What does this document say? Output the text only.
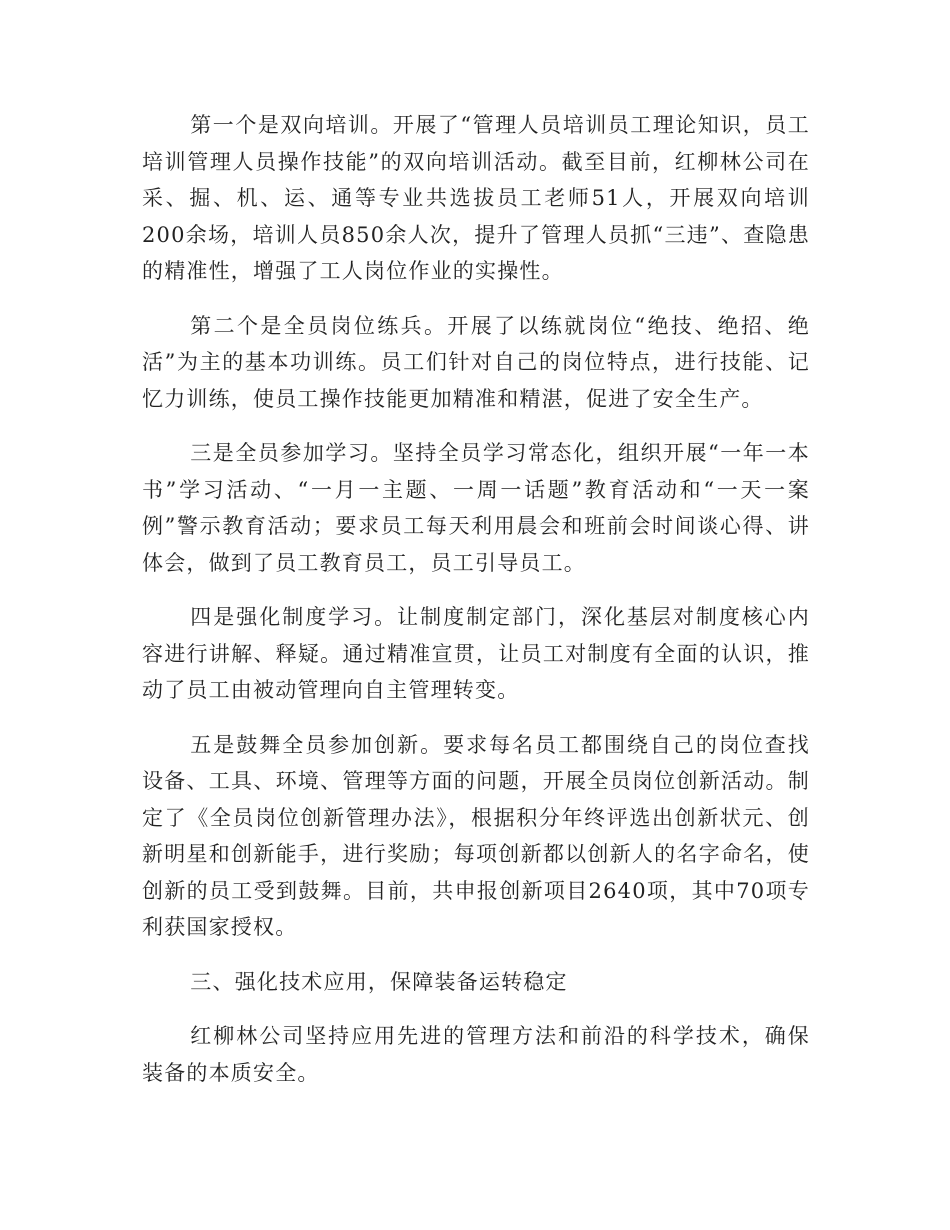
第一个是双向培训。开展了“管理人员培训员工理论知识，员工培训管理人员操作技能”的双向培训活动。截至目前，红柳林公司在采、掘、机、运、通等专业共选拔员工老师51人，开展双向培训200余场，培训人员850余人次，提升了管理人员抓“三违”、查隐患的精准性，增强了工人岗位作业的实操性。

第二个是全员岗位练兵。开展了以练就岗位“绝技、绝招、绝活”为主的基本功训练。员工们针对自己的岗位特点，进行技能、记忆力训练，使员工操作技能更加精准和精湛，促进了安全生产。

三是全员参加学习。坚持全员学习常态化，组织开展“一年一本书”学习活动、“一月一主题、一周一话题”教育活动和“一天一案例”警示教育活动；要求员工每天利用晨会和班前会时间谈心得、讲体会，做到了员工教育员工，员工引导员工。

四是强化制度学习。让制度制定部门，深化基层对制度核心内容进行讲解、释疑。通过精准宣贯，让员工对制度有全面的认识，推动了员工由被动管理向自主管理转变。

五是鼓舞全员参加创新。要求每名员工都围绕自己的岗位查找设备、工具、环境、管理等方面的问题，开展全员岗位创新活动。制定了《全员岗位创新管理办法》，根据积分年终评选出创新状元、创新明星和创新能手，进行奖励；每项创新都以创新人的名字命名，使创新的员工受到鼓舞。目前，共申报创新项目2640项，其中70项专利获国家授权。

三、强化技术应用，保障装备运转稳定

红柳林公司坚持应用先进的管理方法和前沿的科学技术，确保装备的本质安全。
